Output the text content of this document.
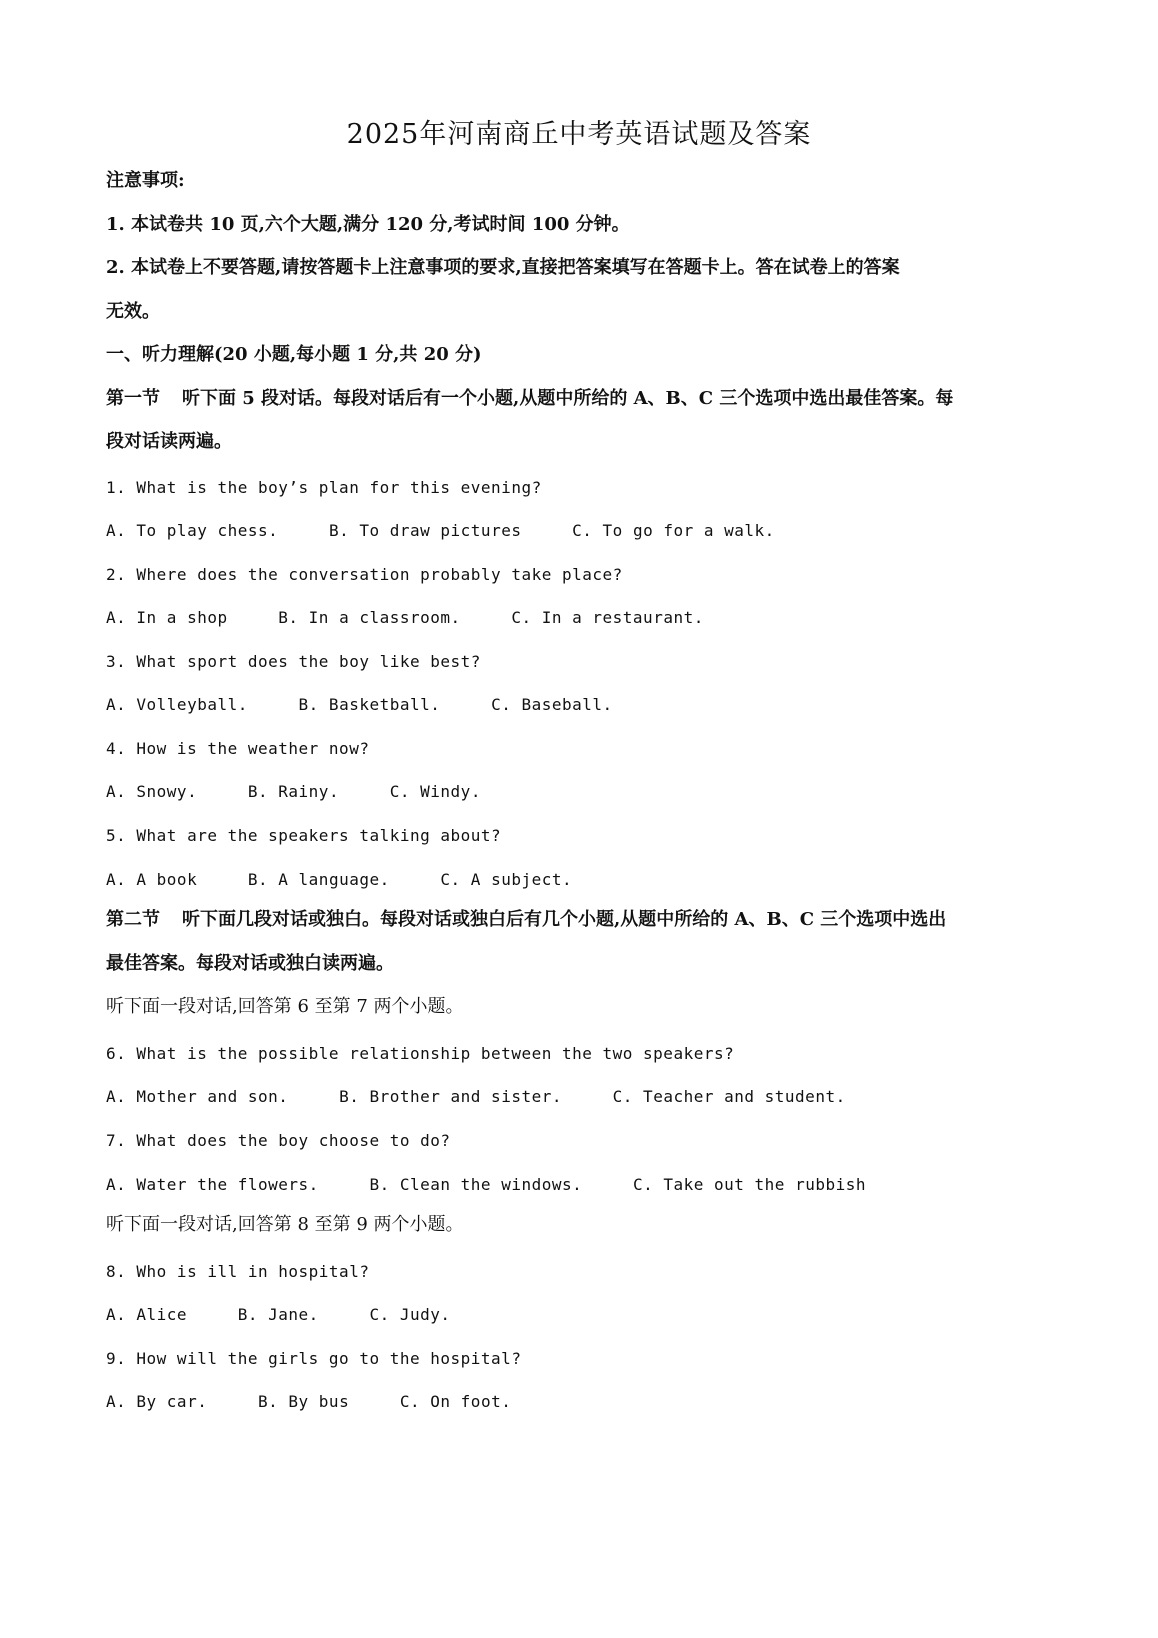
2025年河南商丘中考英语试题及答案
注意事项:
1. 本试卷共 10 页,六个大题,满分 120 分,考试时间 100 分钟。
2. 本试卷上不要答题,请按答题卡上注意事项的要求,直接把答案填写在答题卡上。答在试卷上的答案
无效。
一、听力理解(20 小题,每小题 1 分,共 20 分)
第一节 听下面 5 段对话。每段对话后有一个小题,从题中所给的 A、B、C 三个选项中选出最佳答案。每
段对话读两遍。
1. What is the boy’s plan for this evening?
A. To play chess.	B. To draw pictures	C. To go for a walk.
2. Where does the conversation probably take place?
A. In a shop	B. In a classroom.	C. In a restaurant.
3. What sport does the boy like best?
A. Volleyball.	B. Basketball.	C. Baseball.
4. How is the weather now?
A. Snowy.	B. Rainy.	C. Windy.
5. What are the speakers talking about?
A. A book	B. A language.	C. A subject.
第二节 听下面几段对话或独白。每段对话或独白后有几个小题,从题中所给的 A、B、C 三个选项中选出
最佳答案。每段对话或独白读两遍。
听下面一段对话,回答第 6 至第 7 两个小题。
6. What is the possible relationship between the two speakers?
A. Mother and son.	B. Brother and sister.	C. Teacher and student.
7. What does the boy choose to do?
A. Water the flowers.	B. Clean the windows.	C. Take out the rubbish
听下面一段对话,回答第 8 至第 9 两个小题。
8. Who is ill in hospital?
A. Alice	B. Jane.	C. Judy.
9. How will the girls go to the hospital?
A. By car.	B. By bus	C. On foot.
